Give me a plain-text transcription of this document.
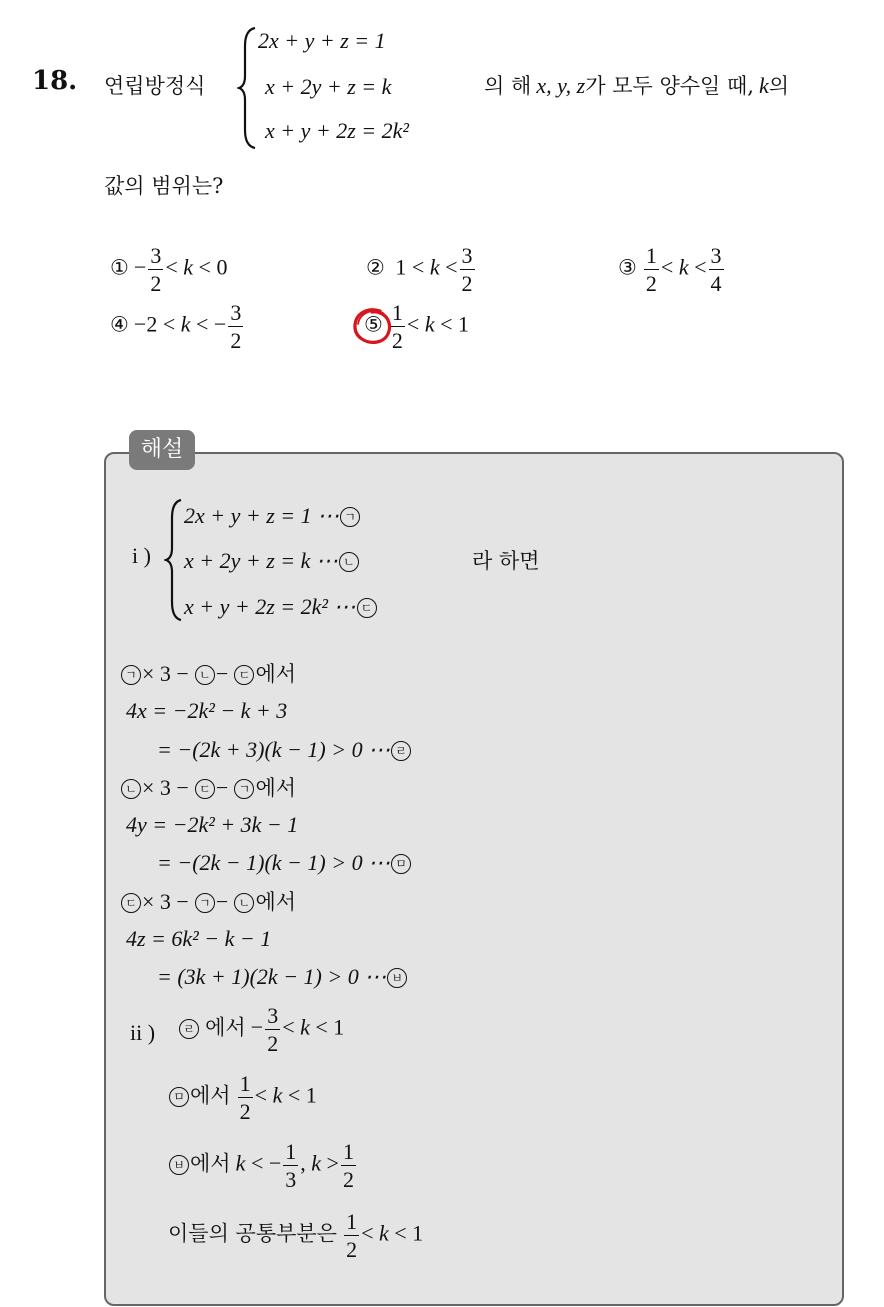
18. 연립방정식
2x + y + z = 1
x + 2y + z = k
x + y + 2z = 2k²
의 해 x, y, z가 모두 양수일 때, k의
값의 범위는?
① − $\frac{3}{2} < k < 0$	②  $1 < k < \frac{3}{2}$	③ $\frac{1}{2} < k < \frac{3}{4}$
④ −2 < k < − $\frac{3}{2}$	⑤ $\frac{1}{2} < k < 1$
해설
i )
2x + y + z = 1 ⋯ ㄱ
x + 2y + z = k ⋯ ㄴ
x + y + 2z = 2k² ⋯ ㄷ
라 하면
ㄱ × 3 − ㄴ − ㄷ 에서
4x = −2k² − k + 3
= −(2k + 3)(k − 1) > 0 ⋯ ㄹ
ㄴ × 3 − ㄷ − ㄱ 에서
4y = −2k² + 3k − 1
= −(2k − 1)(k − 1) > 0 ⋯ ㅁ
ㄷ × 3 − ㄱ − ㄴ 에서
4z = 6k² − k − 1
= (3k + 1)(2k − 1) > 0 ⋯ ㅂ
ii )	ㄹ 에서 − $\frac{3}{2} < k < 1$
ㅁ 에서 $\frac{1}{2} < k < 1$
ㅂ 에서 k < − $\frac{1}{3}$ , $k > \frac{1}{2}$
이들의 공통부분은 $\frac{1}{2} < k < 1$
